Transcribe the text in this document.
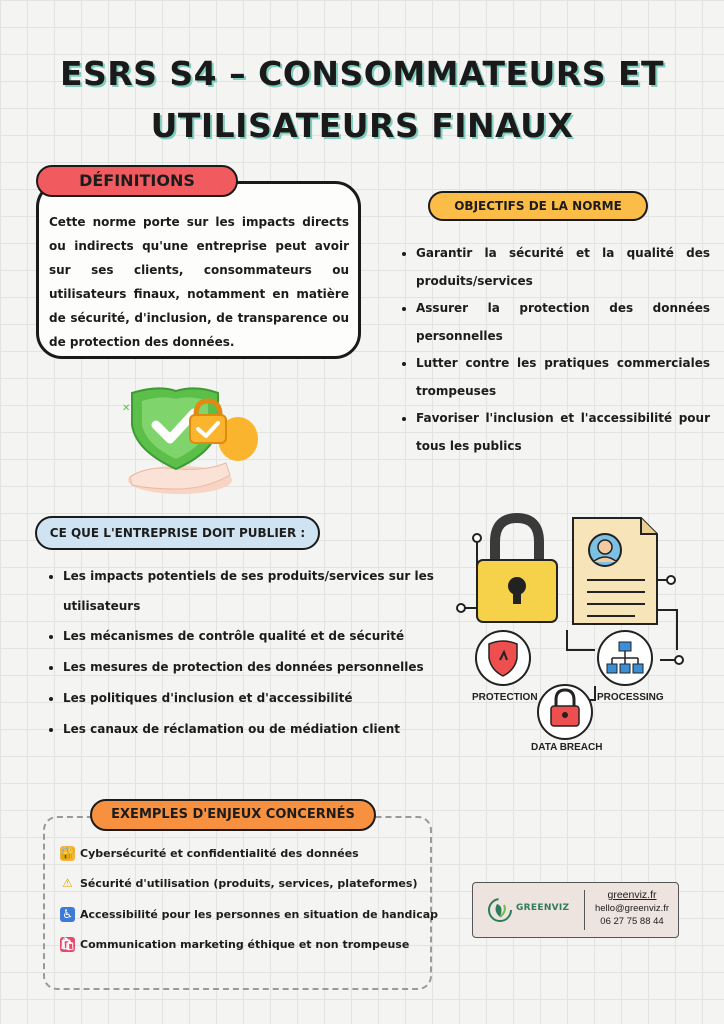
ESRS S4 – CONSOMMATEURS ET
UTILISATEURS FINAUX
DÉFINITIONS

Cette norme porte sur les impacts directs ou indirects qu'une entreprise peut avoir sur ses clients, consommateurs ou utilisateurs finaux, notamment en matière de sécurité, d'inclusion, de transparence ou de protection des données.

✕
OBJECTIFS DE LA NORME
• Garantir la sécurité et la qualité des produits/services
• Assurer la protection des données personnelles
• Lutter contre les pratiques commerciales trompeuses
• Favoriser l'inclusion et l'accessibilité pour tous les publics
CE QUE L'ENTREPRISE DOIT PUBLIER :
• Les impacts potentiels de ses produits/services sur les utilisateurs
• Les mécanismes de contrôle qualité et de sécurité
• Les mesures de protection des données personnelles
• Les politiques d'inclusion et d'accessibilité
• Les canaux de réclamation ou de médiation client
PROTECTION	PROCESSING
DATA BREACH
EXEMPLES D'ENJEUX CONCERNÉS
🔐 Cybersécurité et confidentialité des données
⚠ Sécurité d'utilisation (produits, services, plateformes)
♿ Accessibilité pour les personnes en situation de handicap
🛍 Communication marketing éthique et non trompeuse
GREENVIZ
greenviz.fr
hello@greenviz.fr
06 27 75 88 44
